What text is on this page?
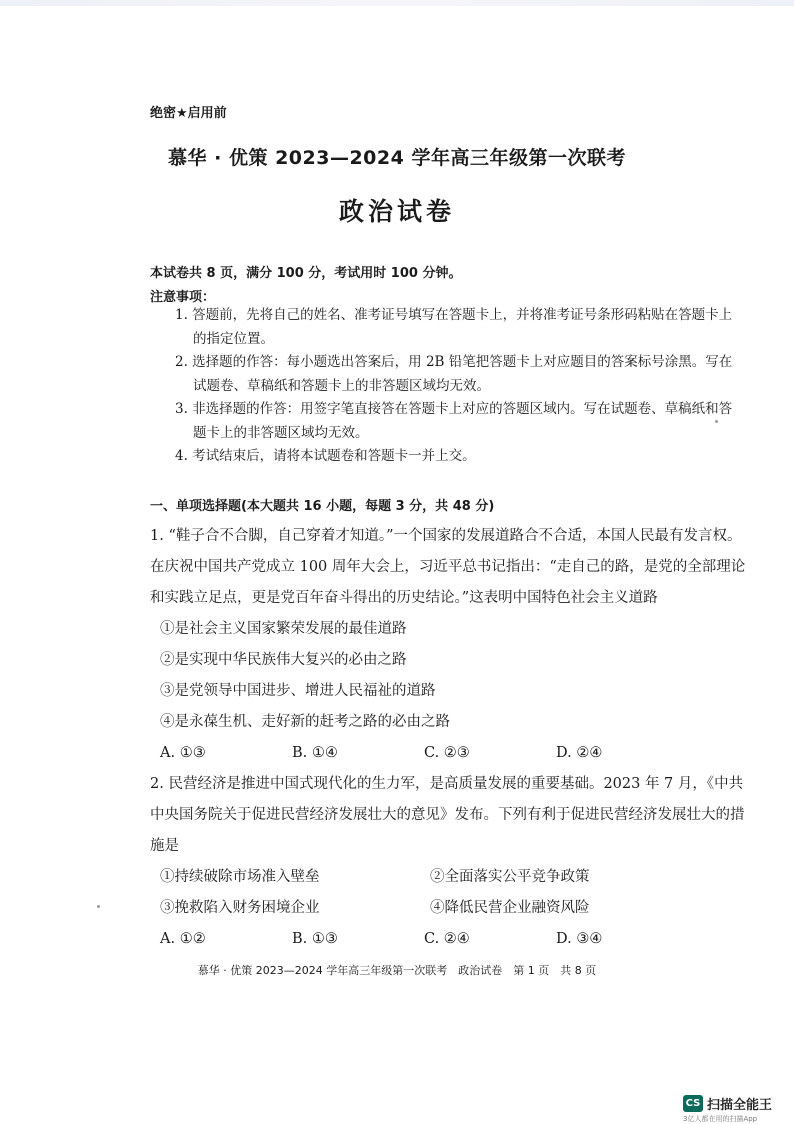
绝密★启用前
慕华 · 优策 2023—2024 学年高三年级第一次联考
政治试卷
本试卷共 8 页，满分 100 分，考试用时 100 分钟。
注意事项：
1. 答题前，先将自己的姓名、准考证号填写在答题卡上，并将准考证号条形码粘贴在答题卡上的指定位置。
2. 选择题的作答：每小题选出答案后，用 2B 铅笔把答题卡上对应题目的答案标号涂黑。写在试题卷、草稿纸和答题卡上的非答题区域均无效。
3. 非选择题的作答：用签字笔直接答在答题卡上对应的答题区域内。写在试题卷、草稿纸和答题卡上的非答题区域均无效。
4. 考试结束后，请将本试题卷和答题卡一并上交。
一、单项选择题(本大题共 16 小题，每题 3 分，共 48 分)
1. “鞋子合不合脚，自己穿着才知道。”一个国家的发展道路合不合适，本国人民最有发言权。在庆祝中国共产党成立 100 周年大会上，习近平总书记指出：“走自己的路，是党的全部理论和实践立足点，更是党百年奋斗得出的历史结论。”这表明中国特色社会主义道路
①是社会主义国家繁荣发展的最佳道路
②是实现中华民族伟大复兴的必由之路
③是党领导中国进步、增进人民福祉的道路
④是永葆生机、走好新的赶考之路的必由之路
A. ①③	B. ①④	C. ②③	D. ②④
2. 民营经济是推进中国式现代化的生力军，是高质量发展的重要基础。2023 年 7 月，《中共中央国务院关于促进民营经济发展壮大的意见》发布。下列有利于促进民营经济发展壮大的措施是
①持续破除市场准入壁垒	②全面落实公平竞争政策
③挽救陷入财务困境企业	④降低民营企业融资风险
A. ①②	B. ①③	C. ②④	D. ③④
慕华 · 优策 2023—2024 学年高三年级第一次联考　政治试卷　第 1 页　共 8 页
CS 扫描全能王
3亿人都在用的扫描App
